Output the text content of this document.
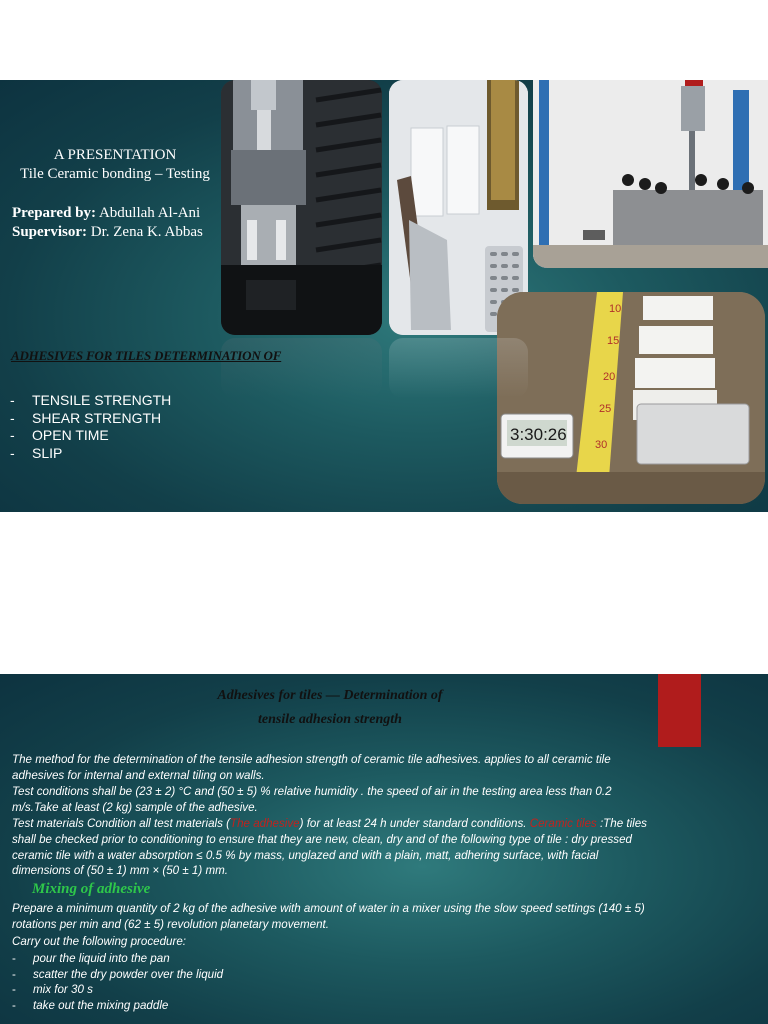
10
15
20
25
30
3:30:26
A PRESENTATION
Tile Ceramic bonding – Testing
Prepared by: Abdullah Al-Ani
Supervisor: Dr. Zena K. Abbas
ADHESIVES FOR TILES DETERMINATION OF
- TENSILE STRENGTH
- SHEAR STRENGTH
- OPEN TIME
- SLIP
Adhesives for tiles — Determination of
tensile adhesion strength

The method for the determination of the tensile adhesion strength of ceramic tile adhesives. applies to all ceramic tile adhesives for internal and external tiling on walls.

Test conditions shall be (23 ± 2) °C and (50 ± 5) % relative humidity . the speed of air in the testing area less than 0.2 m/s.Take at least (2 kg) sample of the adhesive.

Test materials Condition all test materials (The adhesive) for at least 24 h under standard conditions. Ceramic tiles :The tiles shall be checked prior to conditioning to ensure that they are new, clean, dry and of the following type of tile : dry pressed ceramic tile with a water absorption ≤ 0.5 % by mass, unglazed and with a plain, matt, adhering surface, with facial dimensions of (50 ± 1) mm × (50 ± 1) mm.

Mixing of adhesive

Prepare a minimum quantity of 2 kg of the adhesive with amount of water in a mixer using the slow speed settings (140 ± 5) rotations per min and (62 ± 5) revolution planetary movement.

Carry out the following procedure:

- pour the liquid into the pan
- scatter the dry powder over the liquid
- mix for 30 s
- take out the mixing paddle
